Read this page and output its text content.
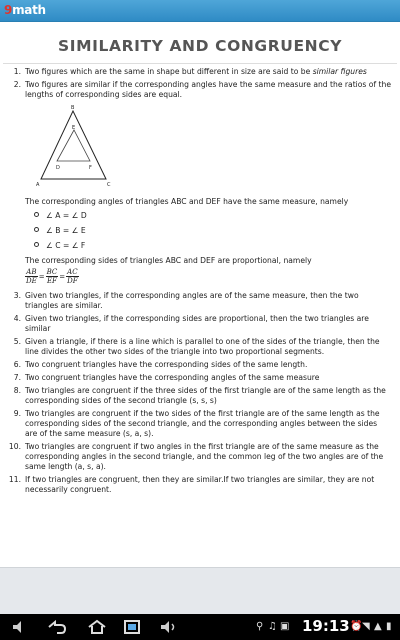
9math
SIMILARITY AND CONGRUENCY
1. Two figures which are the same in shape but different in size are said to be similar figures
2. Two figures are similar if the corresponding angles have the same measure and the ratios of the lengths of corresponding sides are equal.
B
A	C
E
D	F
The corresponding angles of triangles ABC and DEF have the same measure, namely
∠ A = ∠ D
∠ B = ∠ E
∠ C = ∠ F
The corresponding sides of triangles ABC and DEF are proportional, namely
$\frac{AB}{DE} = \frac{BC}{EF} = \frac{AC}{DF}$
3. Given two triangles, if the corresponding angles are of the same measure, then the two triangles are similar.
4. Given two triangles, if the corresponding sides are proportional, then the two triangles are similar
5. Given a triangle, if there is a line which is parallel to one of the sides of the triangle, then the line divides the other two sides of the triangle into two proportional segments.
6. Two congruent triangles have the corresponding sides of the same length.
7. Two congruent triangles have the corresponding angles of the same measure
8. Two triangles are congruent if the three sides of the first triangle are of the same length as the corresponding sides of the second triangle (s, s, s)
9. Two triangles are congruent if the two sides of the first triangle are of the same length as the corresponding sides of the second triangle, and the corresponding angles between the sides are of the same measure (s, a, s).
10. Two triangles are congruent if two angles in the first triangle are of the same measure as the corresponding angles in the second triangle, and the common leg of the two angles are of the same length (a, s, a).
11. If two triangles are congruent, then they are similar.If two triangles are similar, they are not necessarily congruent.
⚲ ♫ ▣ 19:13 ⏰ ◥ ▲ ▮
